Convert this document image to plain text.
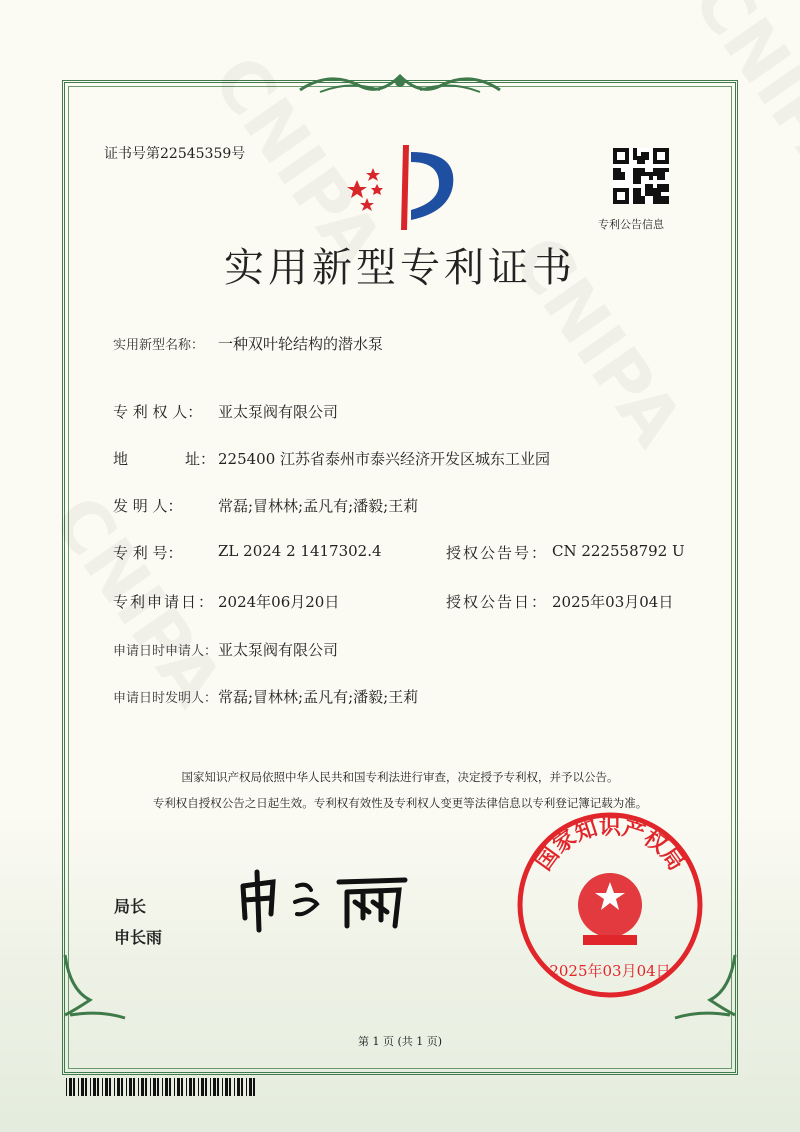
证书号第22545359号
专利公告信息
实用新型专利证书
实用新型名称： 一种双叶轮结构的潜水泵
专 利 权 人： 亚太泵阀有限公司
地	址： 225400 江苏省泰州市泰兴经济开发区城东工业园
发 明 人： 常磊;冒林林;孟凡有;潘毅;王莉
专 利 号： ZL 2024 2 1417302.4	授权公告号： CN 222558792 U
专利申请日： 2024年06月20日	授权公告日： 2025年03月04日
申请日时申请人： 亚太泵阀有限公司
申请日时发明人： 常磊;冒林林;孟凡有;潘毅;王莉
国家知识产权局依照中华人民共和国专利法进行审查，决定授予专利权，并予以公告。
专利权自授权公告之日起生效。专利权有效性及专利权人变更等法律信息以专利登记簿记载为准。
局长
申长雨
国家知识产权局
2025年03月04日
第 1 页 (共 1 页)
